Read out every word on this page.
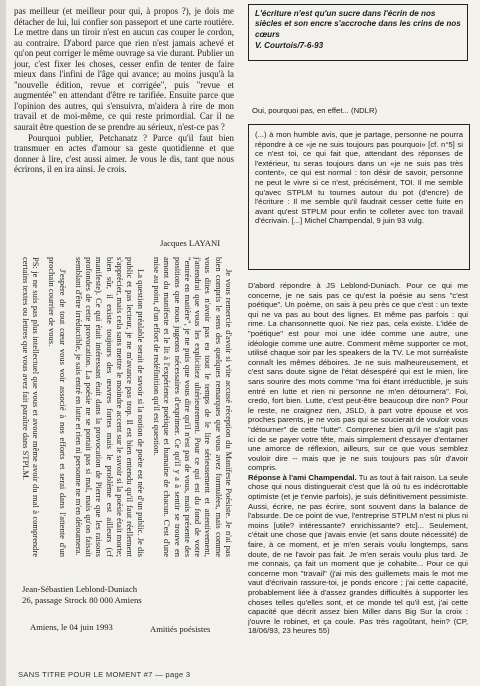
pas meilleur (et meilleur pour qui, à propos ?), je dois me détacher de lui, lui confier son passeport et une carte routière. Le mettre dans un tiroir n'est en aucun cas couper le cordon, au contraire. D'abord parce que rien n'est jamais achevé et qu'on peut corriger le même ouvrage sa vie durant. Publier un jour, c'est fixer les choses, cesser enfin de tenter de faire mieux dans l'infini de l'âge qui avance; au moins jusqu'à la "nouvelle édition, revue et corrigée", puis "revue et augmentée" en attendant d'être re tarifiée. Ensuite parce que l'opinion des autres, qui s'ensuivra, m'aidera à rire de mon travail et de moi-même, ce qui reste primordial. Car il ne saurait être question de se prendre au sérieux, n'est-ce pas ?

Pourquoi publier, Petchanatz ? Parce qu'il faut bien transmuer en actes d'amour sa geste quotidienne et que donner à lire, c'est aussi aimer. Je vous le dis, tant que nous écrirons, il en ira ainsi. Je crois.

Jacques LAYANI

Je vous remercie d'avoir si vite accusé réception du Manifeste Poésiste. Je n'ai pas bien compris le sens des quelques remarques que vous avez formulées, mais comme vous dites n'avoir pas eu tout le temps de le lire sérieusement et attentivement, j'attendrai que vous les explicitiez ultérieurement. Pour ce qui est du fond de votre "entrée en matière", je ne puis que vous dire qu'il n'est pas de vous, mais présente des positions que nous jugeons nécessaires d'exprimer. Ce qu'il y a à sentir se trouve en amont du manifeste et le lit à l'expérience poétique et humaine de chacun. C'est d'une mise au point, d'un effort de redéfinition qu'il est question.

La question préalable serait de savoir si la notion de poète est née d'un public. Je dis public et pas lecteur, je ne m'avance pas trop. Il est bien entendu qu'il faut réellement s'apprécier, mais cela sans mettre le moindre accent sur le savoir si la poésie était morte; bien sûr, il existe toujours des œuvres fortes mais le problème est ailleurs (cf manifeste). Ce qui était intéressant était dans la provocation de Pierre que les raisons profondes de cette provocation. La poésie ne se portait pas si mal, mais qu'on faisait semblant d'être irréductible, je sais entré en lutte et rien ni personne ne m'en détournera.

J'espère de tout cœur vous voir associé à nos efforts et serai dans l'attente d'un prochain courrier de vous.

PS: je ne suis pas plus intellectuel que vous et avoue même avoir du mal à comprendre certains textes ou lettres que vous avez fait paraître dans STPLM.

Jean-Sébastien Leblond-Duniach
26, passage Strock 80 000 Amiens
Amiens, le 04 juin 1993	Amitiés poésistes
L'écriture n'est qu'un sucre dans l'écrin de nos siècles et son encre s'accroche dans les crins de nos cœurs
V. Courtois/7-6-93
Oui, pourquoi pas, en effet... (NDLR)

(...) à mon humble avis, que je partage, personne ne pourra répondre à ce «je ne suis toujours pas pourquoi» [cf. n°5] si ce n'est toi, ce qui fait que, attendant des réponses de l'extérieur, tu seras toujours dans un «je ne suis pas très content», ce qui est normal : ton désir de savoir, personne ne peut le vivre si ce n'est, précisément, TOI. Il me semble qu'avec STPLM tu tournes autour du pot (d'encre) de l'écriture : Il me semble qu'il faudrait cesser cette fuite en avant qu'est STPLM pour enfin te colleter avec ton travail d'écrivain. [...] Michel Champendal, 9 juin 93 vulg.

D'abord répondre à JS Leblond-Duniach. Pour ce qui me concerne, je ne sais pas ce qu'est la poésie au sens "c'est poétique". Un poème, on sais à peu près ce que c'est : un texte qui ne va pas au bout des lignes. Et même pas parfois : qui rime. La chansonnette quoi. Ne riez pas, cela existe. L'idée de "poétique" est pour moi une idée comme une autre, une idéologie comme une autre. Comment même supporter ce mot, utilisé chaque soir par les speakers de la TV. Le mot surréaliste connaît les mêmes déboires. Je ne suis malheureusement, et c'est sans doute signe de l'état désespéré qui est le mien, lire sans sourire des mots comme "ma foi étant irréductible, je suis entré en lutte et rien ni personne ne m'en détournera". Foi, credo, fort bien. Lutte, c'est peut-être beaucoup dire non? Pour le reste, ne craignez rien, JSLD, à part votre épouse et vos proches parents, je ne vois pas qui se soucierait de vouloir vous "détourner" de cette "lutte". Comprenez bien qu'il ne s'agit pas ici de se payer votre tête, mais simplement d'essayer d'entamer une amorce de réflexion, ailleurs, sur ce que vous semblez vouloir dire -- mais que je ne suis toujours pas sûr d'avoir compris.

Réponse à l'ami Champendal. Tu as tout à fait raison. La seule chose qui nous distinguerait c'est que là où tu es indécrottable optimiste (et je t'envie parfois), je suis définitivement pessimiste. Aussi, écrire, ne pas écrire, sont souvent dans la balance de l'absurde. De ce point de vue, l'entreprise STPLM n'est ni plus ni moins [utile? intéressante? enrichissante? etc]... Seulement, c'était une chose que j'avais envie (et sans doute nécessité) de faire, à ce moment, et je m'en serais voulu longtemps, sans doute, de ne l'avoir pas fait. Je m'en serais voulu plus tard. Je me connais, ça fait un moment que je cohabite... Pour ce qui concerne mon "travail" (j'ai mis des guillemets mais le mot me vaut d'écrivain rassure-toi, je ponds encore ; j'ai cette capacité, probablement liée à d'assez grandes difficultés à supporter les choses telles qu'elles sont, et ce monde tel qu'il est, j'ai cette capacité que décrit assez bien Miller dans Big Sur la croix : j'ouvre le robinet, et ça coule. Pas très ragoûtant, hein? (CP, 18/06/93, 23 heures 55)

SANS TITRE POUR LE MOMENT #7 — page 3
